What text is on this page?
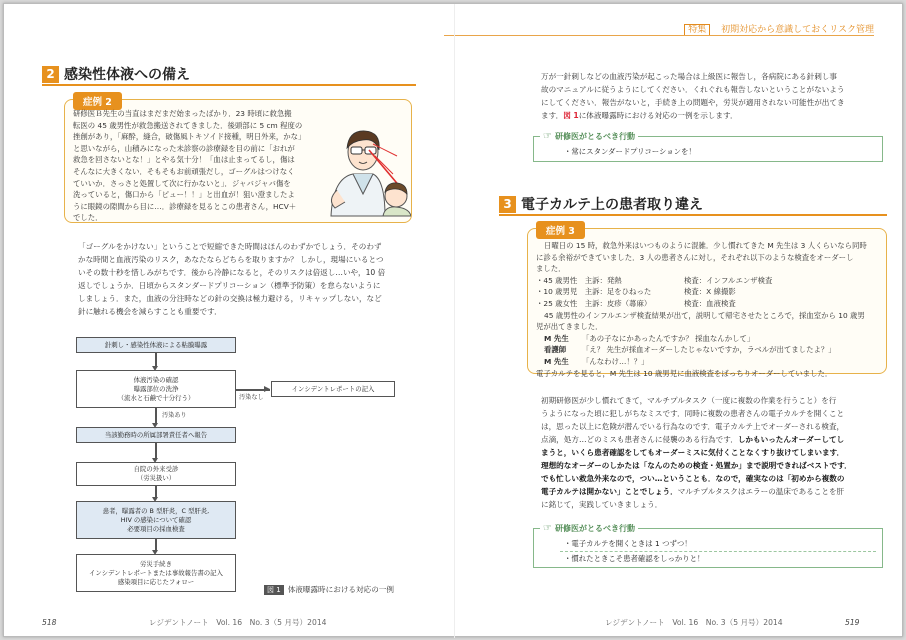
特集 初期対応から意識しておくリスク管理
2 感染性体液への備え
症例 2
研修医Ｂ先生の当直はまだまだ始まったばかり．23 時頃に救急搬
転医の 45 歳男性が救急搬送されてきました．後頭部に 5 cm 程度の
挫創があり，「麻酔，縫合，破傷風トキソイド接種，明日外来，かな」
と思いながら，山積みになった未診察の診療録を目の前に「おれが
救急を回さないとな！」とやる気十分！「血は止まってるし，傷は
そんなに大きくない．そもそもお前頑張だし，ゴーグルはつけなく
ていいか．さっさと処置して次に行かないと」．ジャバジャバ傷を
洗っていると，傷口から「ピュー！！」と出血が！狙い澄ましたよ
うに眼鏡の隙間から目に…．診療録を見るとこの患者さん，HCV＋
でした．
「ゴーグルをかけない」ということで短縮できた時間はほんのわずかでしょう．そのわず
かな時間と血液汚染のリスク，あなたならどちらを取りますか？ しかし，現場にいるとつ
いその数十秒を惜しみがちです．後から冷静になると，そのリスクは倍返し…いや，10 倍
返しでしょうか．日頃からスタンダードプリコーション（標準予防策）を怠らないように
しましょう．また，血液の分注時などの針の交換は極力避ける，リキャップしない，など
針に触れる機会を減らすことも重要です．
針刺し・感染性体液による粘膜曝露
体液汚染の確認
曝露部位の洗浄
（流水と石鹸で十分行う）	汚染なし
インシデントレポートの記入
汚染あり
当該勤務時の所属部署責任者へ報告
自院の外来受診
（労災扱い）
患者，曝露者の B 型肝炎，C 型肝炎,
HIV の感染について確認
必要項目の採血検査
労災手続き
インシデントレポートまたは事故報告書の記入
感染項目に応じたフォロー
図 1 体液曝露時における対応の一例
518	レジデントノート　Vol. 16　No. 3（5 月号）2014
万が一針刺しなどの血液汚染が起こった場合は上級医に報告し，各病院にある針刺し事
故のマニュアルに従うようにしてください．くれぐれも報告しないということがないよう
にしてください．報告がないと，手続き上の問題や，労災が適用されない可能性が出てき
ます．図 1に体液曝露時における対応の一例を示します．
☞ 研修医がとるべき行動
・常にスタンダードプリコーションを！
3 電子カルテ上の患者取り違え
症例 3
日曜日の 15 時，救急外来はいつものように混雑．少し慣れてきた M 先生は 3 人くらいなら同時
に診る余裕ができていました．3 人の患者さんに対し，それぞれ以下のような検査をオーダーし
ました．
・45 歳男性　主訴：発熱	検査：インフルエンザ検査
・10 歳男児　主訴：足をひねった	検査：X 線撮影
・25 歳女性　主訴：皮疹（蕁麻）	検査：血液検査
45 歳男性のインフルエンザ検査結果が出て，説明して帰宅させたところで，採血室から 10 歳男
児が出てきました．
M 先生	「あの子なにかあったんですか？ 採血なんかして」
看護師	「え？ 先生が採血オーダーしたじゃないですか，ラベルが出てましたよ？」
M 先生	「んなわけ…！？」
電子カルテを見ると，M 先生は 10 歳男児に血液検査をばっちりオーダーしていました．
初期研修医が少し慣れてきて，マルチプルタスク（一度に複数の作業を行うこと）を行
うようになった頃に犯しがちなミスです．同時に複数の患者さんの電子カルテを開くこと
は，思った以上に危険が潜んでいる行為なのです．電子カルテ上でオーダーされる検査，
点滴，処方…どのミスも患者さんに侵襲のある行為です．しかもいったんオーダーしてし
まうと，いくら患者確認をしてもオーダーミスに気付くことなくすり抜けてしまいます．
理想的なオーダーのしかたは「なんのための検査・処置か」まで説明できればベストです．
でも忙しい救急外来なので，つい…ということも．なので，確実なのは「初めから複数の
電子カルテは開かない」ことでしょう．マルチプルタスクはエラーの温床であることを肝
に銘じて，実践していきましょう．
☞ 研修医がとるべき行動
・電子カルテを開くときは 1 つずつ！
・慣れたときこそ患者確認をしっかりと！
レジデントノート　Vol. 16　No. 3（5 月号）2014	519
